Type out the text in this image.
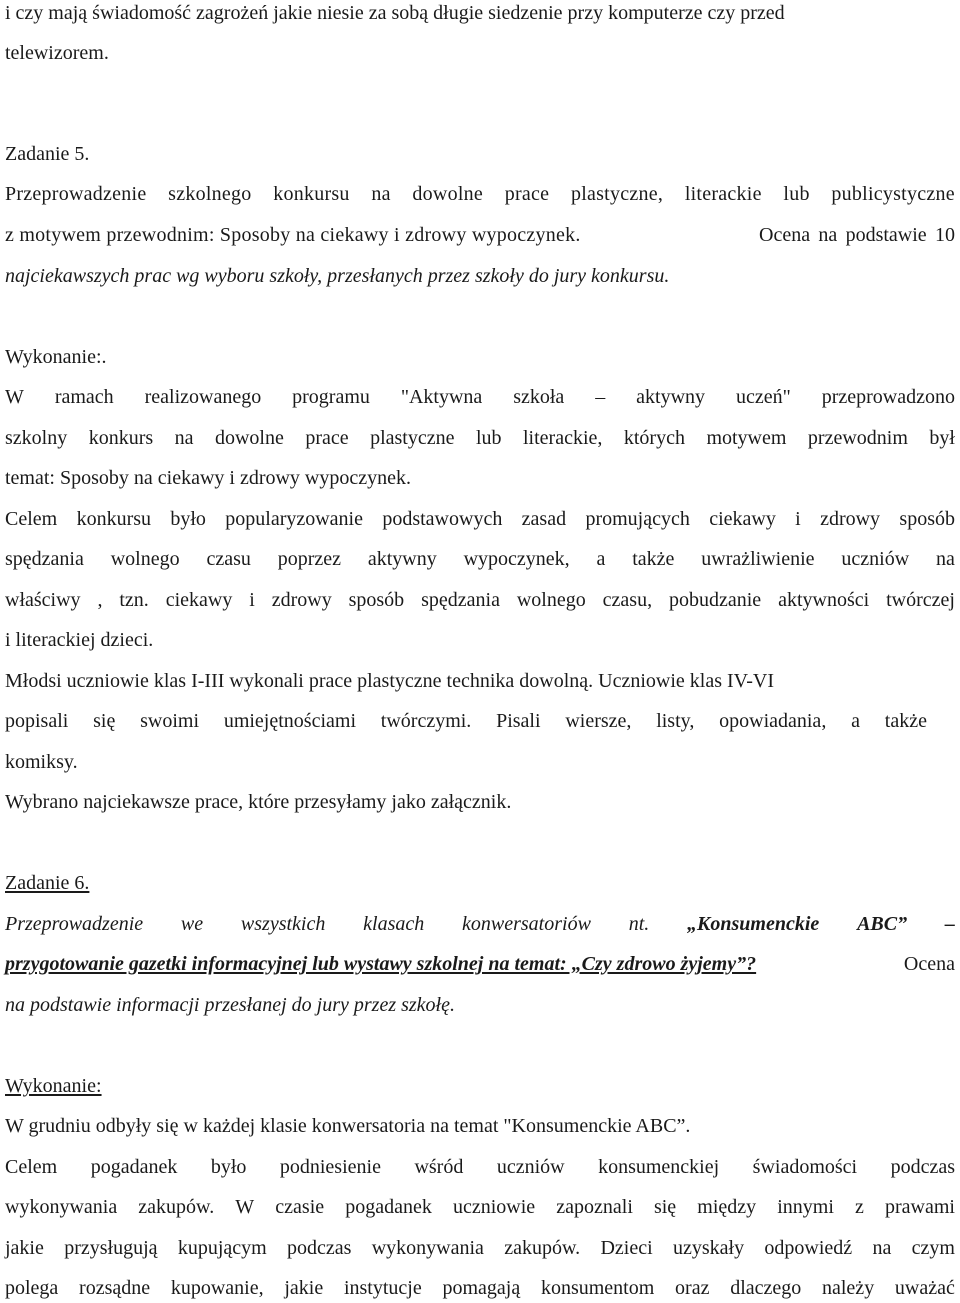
i czy mają świadomość zagrożeń jakie niesie za sobą długie siedzenie przy komputerze czy przed
telewizorem.
Zadanie 5.
Przeprowadzenie szkolnego konkursu na dowolne prace plastyczne, literackie lub publicystyczne
z motywem przewodnim: Sposoby na ciekawy i zdrowy wypoczynek.	Ocena na podstawie 10
najciekawszych prac wg wyboru szkoły, przesłanych przez szkoły do jury konkursu.
Wykonanie:.
W ramach realizowanego programu "Aktywna szkoła – aktywny uczeń" przeprowadzono
szkolny konkurs na dowolne prace plastyczne lub literackie, których motywem przewodnim był
temat: Sposoby na ciekawy i zdrowy wypoczynek.
Celem konkursu było popularyzowanie podstawowych zasad promujących ciekawy i zdrowy sposób
spędzania wolnego czasu poprzez aktywny wypoczynek, a także uwrażliwienie uczniów na
właściwy , tzn. ciekawy i zdrowy sposób spędzania wolnego czasu, pobudzanie aktywności twórczej
i literackiej dzieci.
Młodsi uczniowie klas I-III wykonali prace plastyczne technika dowolną. Uczniowie klas IV-VI
popisali się swoimi umiejętnościami twórczymi. Pisali wiersze, listy, opowiadania, a także
komiksy.
Wybrano najciekawsze prace, które przesyłamy jako załącznik.
Zadanie 6.
Przeprowadzenie we wszystkich klasach konwersatoriów nt. „Konsumenckie ABC” –
przygotowanie gazetki informacyjnej lub wystawy szkolnej na temat: „Czy zdrowo żyjemy”?	Ocena
na podstawie informacji przesłanej do jury przez szkołę.
Wykonanie:
W grudniu odbyły się w każdej klasie konwersatoria na temat "Konsumenckie ABC”.
Celem pogadanek było podniesienie wśród uczniów konsumenckiej świadomości podczas
wykonywania zakupów. W czasie pogadanek uczniowie zapoznali się między innymi z prawami
jakie przysługują kupującym podczas wykonywania zakupów. Dzieci uzyskały odpowiedź na czym
polega rozsądne kupowanie, jakie instytucje pomagają konsumentom oraz dlaczego należy uważać
